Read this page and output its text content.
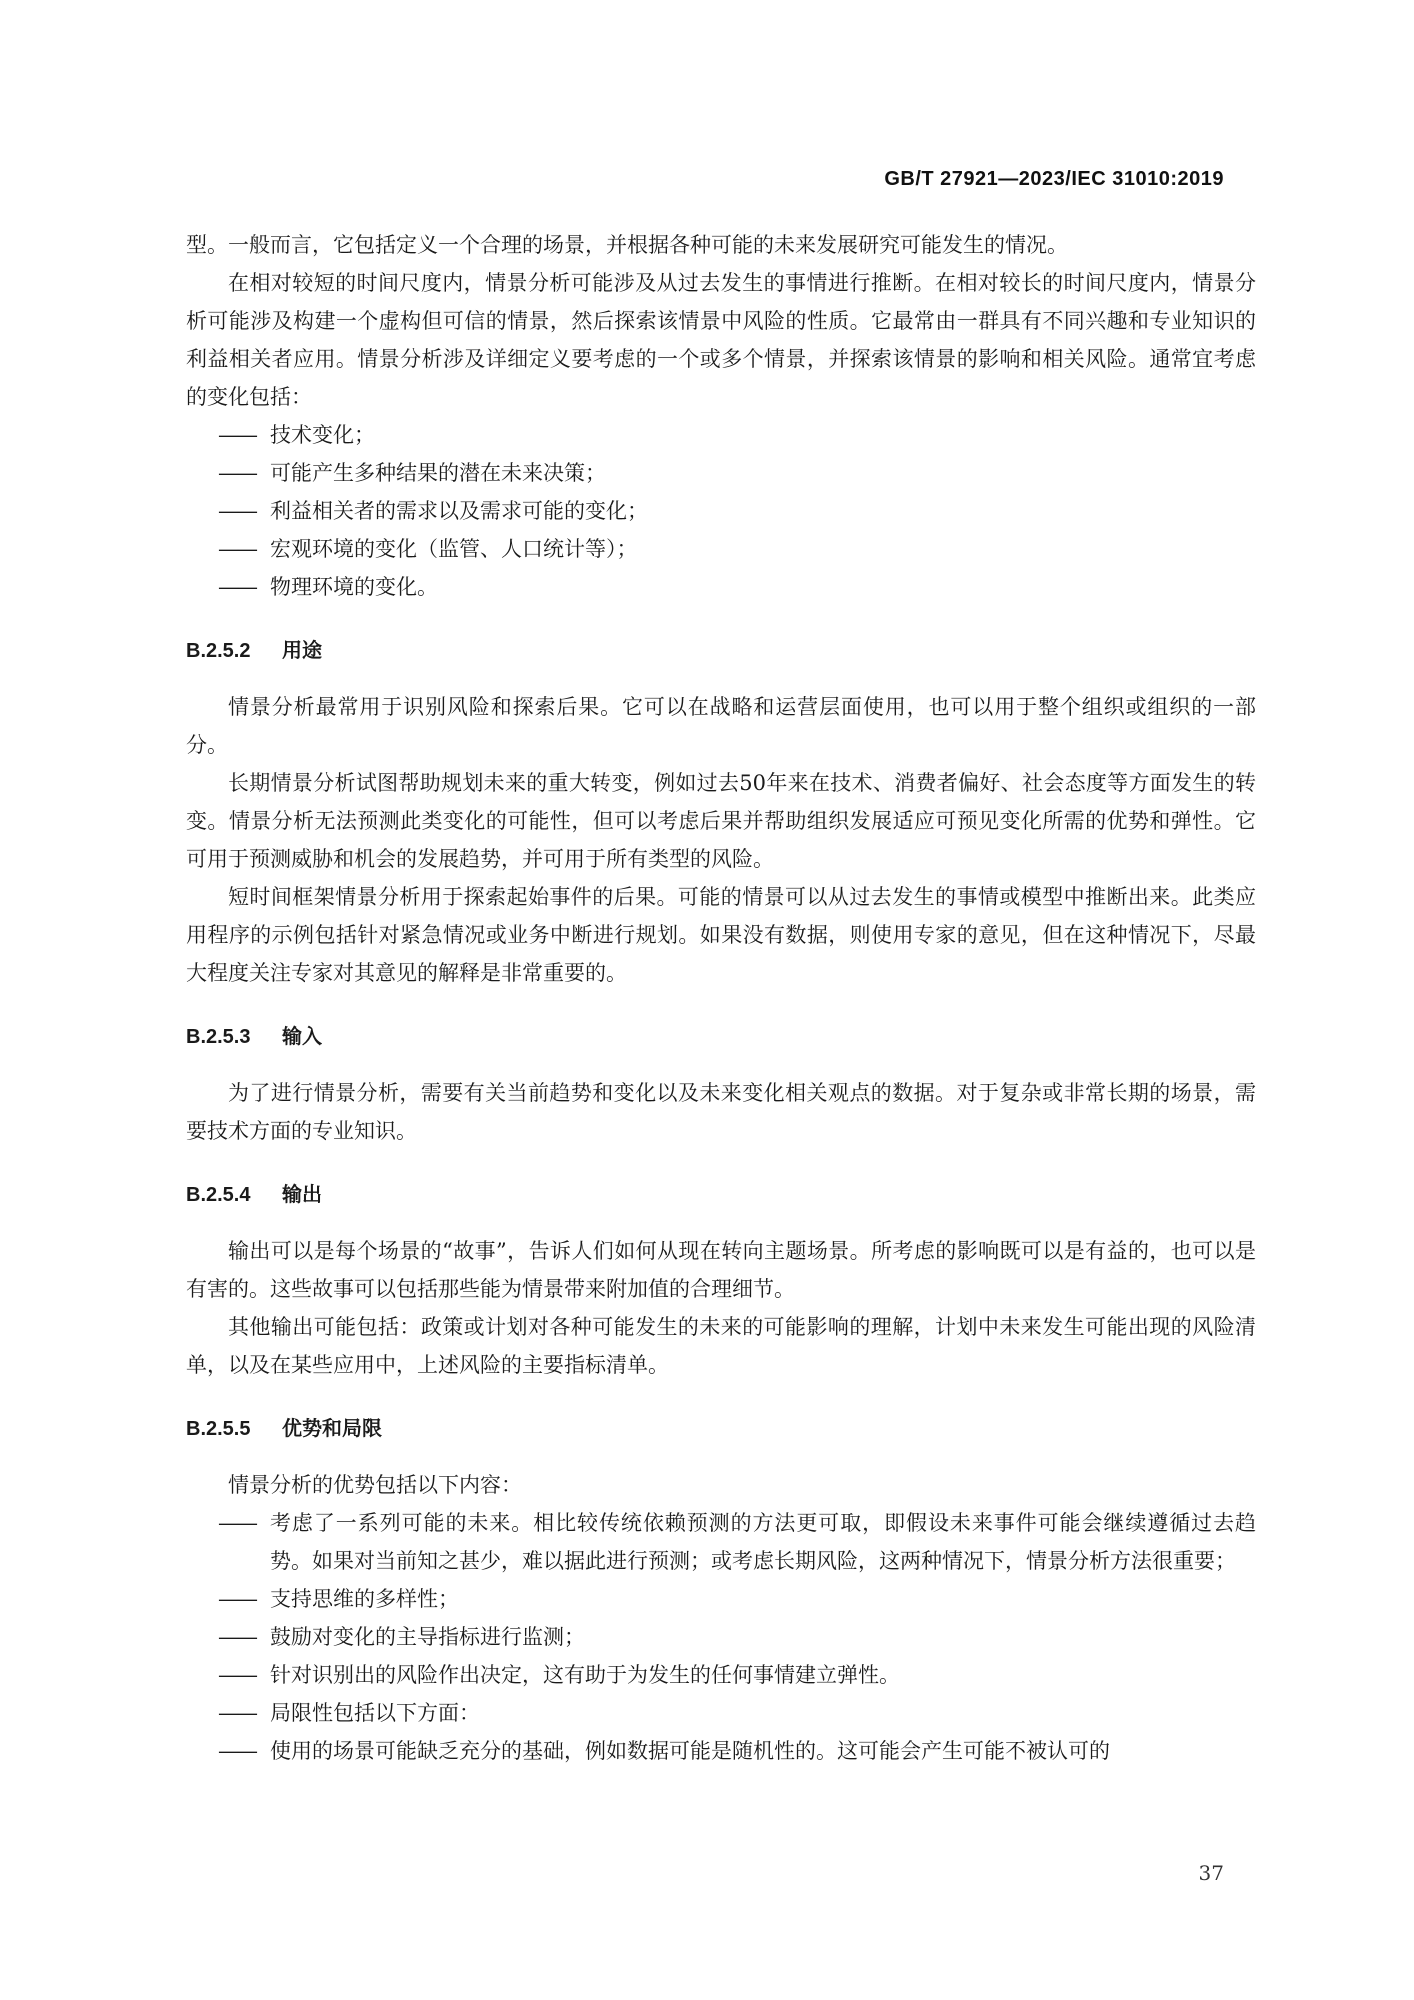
GB/T 27921—2023/IEC 31010:2019

型。一般而言，它包括定义一个合理的场景，并根据各种可能的未来发展研究可能发生的情况。

在相对较短的时间尺度内，情景分析可能涉及从过去发生的事情进行推断。在相对较长的时间尺度内，情景分析可能涉及构建一个虚构但可信的情景，然后探索该情景中风险的性质。它最常由一群具有不同兴趣和专业知识的利益相关者应用。情景分析涉及详细定义要考虑的一个或多个情景，并探索该情景的影响和相关风险。通常宜考虑的变化包括：

—— 技术变化；
—— 可能产生多种结果的潜在未来决策；
—— 利益相关者的需求以及需求可能的变化；
—— 宏观环境的变化（监管、人口统计等）；
—— 物理环境的变化。
B.2.5.2 用途

情景分析最常用于识别风险和探索后果。它可以在战略和运营层面使用，也可以用于整个组织或组织的一部分。

长期情景分析试图帮助规划未来的重大转变，例如过去50年来在技术、消费者偏好、社会态度等方面发生的转变。情景分析无法预测此类变化的可能性，但可以考虑后果并帮助组织发展适应可预见变化所需的优势和弹性。它可用于预测威胁和机会的发展趋势，并可用于所有类型的风险。

短时间框架情景分析用于探索起始事件的后果。可能的情景可以从过去发生的事情或模型中推断出来。此类应用程序的示例包括针对紧急情况或业务中断进行规划。如果没有数据，则使用专家的意见，但在这种情况下，尽最大程度关注专家对其意见的解释是非常重要的。

B.2.5.3 输入

为了进行情景分析，需要有关当前趋势和变化以及未来变化相关观点的数据。对于复杂或非常长期的场景，需要技术方面的专业知识。

B.2.5.4 输出

输出可以是每个场景的“故事”，告诉人们如何从现在转向主题场景。所考虑的影响既可以是有益的，也可以是有害的。这些故事可以包括那些能为情景带来附加值的合理细节。

其他输出可能包括：政策或计划对各种可能发生的未来的可能影响的理解，计划中未来发生可能出现的风险清单，以及在某些应用中，上述风险的主要指标清单。

B.2.5.5 优势和局限

情景分析的优势包括以下内容：

—— 考虑了一系列可能的未来。相比较传统依赖预测的方法更可取，即假设未来事件可能会继续遵循过去趋势。如果对当前知之甚少，难以据此进行预测；或考虑长期风险，这两种情况下，情景分析方法很重要；
—— 支持思维的多样性；
—— 鼓励对变化的主导指标进行监测；
—— 针对识别出的风险作出决定，这有助于为发生的任何事情建立弹性。
—— 局限性包括以下方面：
—— 使用的场景可能缺乏充分的基础，例如数据可能是随机性的。这可能会产生可能不被认可的
37
